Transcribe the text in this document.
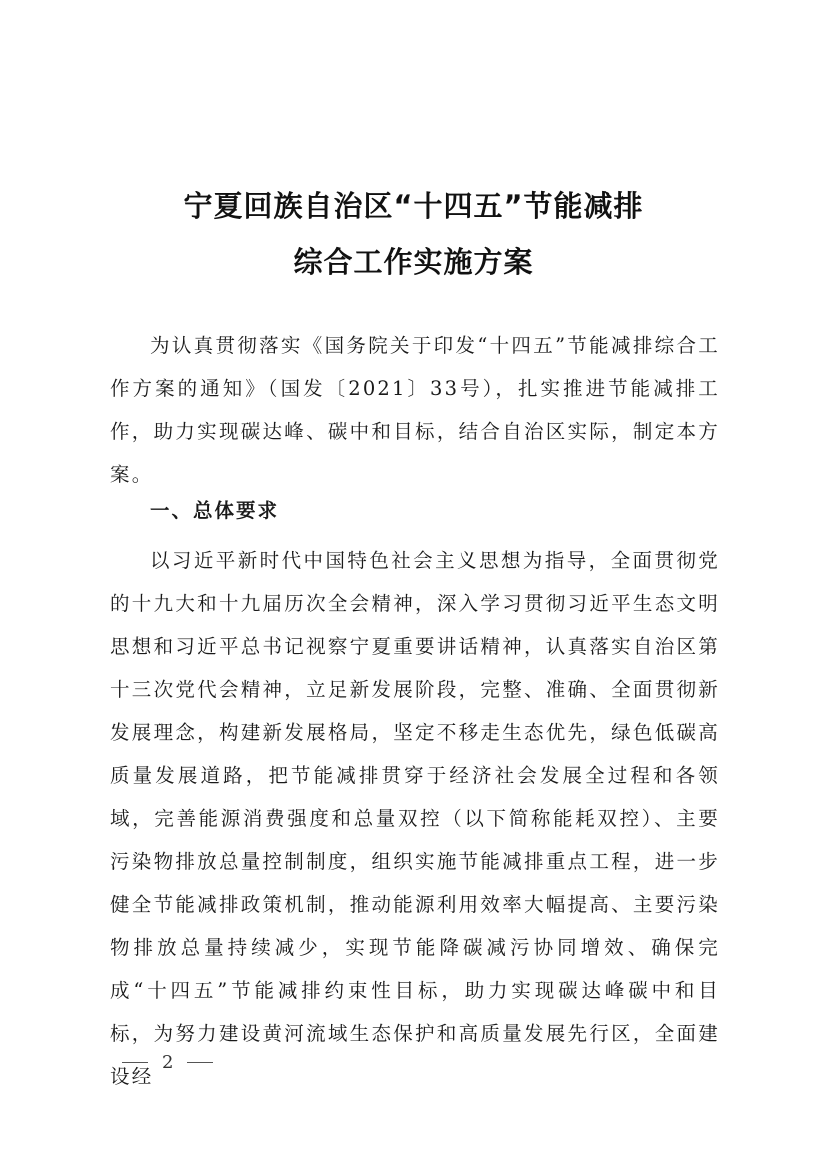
宁夏回族自治区“十四五”节能减排
综合工作实施方案

为认真贯彻落实《国务院关于印发“十四五”节能减排综合工作方案的通知》（国发〔2021〕33号），扎实推进节能减排工作，助力实现碳达峰、碳中和目标，结合自治区实际，制定本方案。

一、总体要求

以习近平新时代中国特色社会主义思想为指导，全面贯彻党的十九大和十九届历次全会精神，深入学习贯彻习近平生态文明思想和习近平总书记视察宁夏重要讲话精神，认真落实自治区第十三次党代会精神，立足新发展阶段，完整、准确、全面贯彻新发展理念，构建新发展格局，坚定不移走生态优先，绿色低碳高质量发展道路，把节能减排贯穿于经济社会发展全过程和各领域，完善能源消费强度和总量双控（以下简称能耗双控）、主要污染物排放总量控制制度，组织实施节能减排重点工程，进一步健全节能减排政策机制，推动能源利用效率大幅提高、主要污染物排放总量持续减少，实现节能降碳减污协同增效、确保完成“十四五”节能减排约束性目标，助力实现碳达峰碳中和目标，为努力建设黄河流域生态保护和高质量发展先行区，全面建设经

2
